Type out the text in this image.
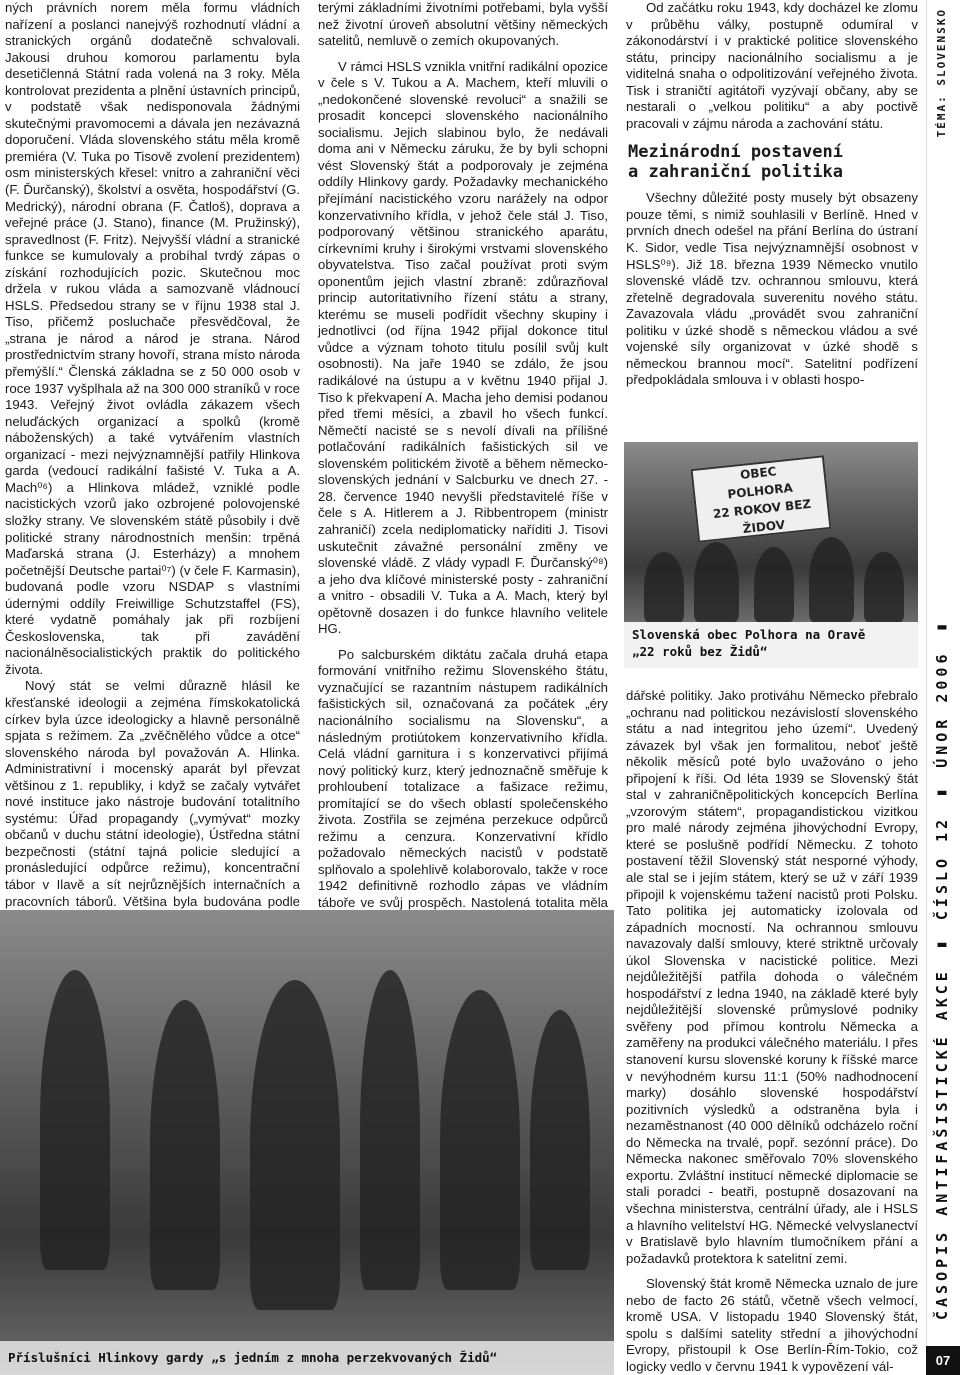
ných právních norem měla formu vládních nařízení a poslanci nanejvýš rozhodnutí vládní a stranických orgánů dodatečně schvalovali. Jakousi druhou komorou parlamentu byla desetičlenná Státní rada volená na 3 roky. Měla kontrolovat prezidenta a plnění ústavních principů, v podstatě však nedisponovala žádnými skutečnými pravomocemi a dávala jen nezávazná doporučení. Vláda slovenského státu měla kromě premiéra (V. Tuka po Tisově zvolení prezidentem) osm ministerských křesel: vnitro a zahraniční věci (F. Ďurčanský), školství a osvěta, hospodářství (G. Medrický), národní obrana (F. Čatloš), doprava a veřejné práce (J. Stano), finance (M. Pružinský), spravedlnost (F. Fritz). Nejvyšší vládní a stranické funkce se kumulovaly a probíhal tvrdý zápas o získání rozhodujících pozic. Skutečnou moc držela v rukou vláda a samozvaně vládnoucí HSLS. Předsedou strany se v říjnu 1938 stal J. Tiso, přičemž posluchače přesvědčoval, že „strana je národ a národ je strana. Národ prostřednictvím strany hovoří, strana místo národa přemýšlí.“ Členská základna se z 50 000 osob v roce 1937 vyšplhala až na 300 000 straníků v roce 1943. Veřejný život ovládla zákazem všech neluďáckých organizací a spolků (kromě náboženských) a také vytvářením vlastních organizací - mezi nejvýznamnější patřily Hlinkova garda (vedoucí radikální fašisté V. Tuka a A. Mach⁰⁶) a Hlinkova mládež, vzniklé podle nacistických vzorů jako ozbrojené polovojenské složky strany. Ve slovenském státě působily i dvě politické strany národnostních menšin: trpěná Maďarská strana (J. Esterházy) a mnohem početnější Deutsche partai⁰⁷) (v čele F. Karmasin), budovaná podle vzoru NSDAP s vlastními údernými oddíly Freiwillige Schutzstaffel (FS), které vydatně pomáhaly jak při rozbíjení Československa, tak při zavádění nacionálněsocialistických praktik do politického života.

Nový stát se velmi důrazně hlásil ke křesťanské ideologii a zejména římskokatolická církev byla úzce ideologicky a hlavně personálně spjata s režimem. Za „zvěčnělého vůdce a otce“ slovenského národa byl považován A. Hlinka. Administrativní i mocenský aparát byl převzat většinou z 1. republiky, i když se začaly vytvářet nové instituce jako nástroje budování totalitního systému: Úřad propagandy („vymývat“ mozky občanů v duchu státní ideologie), Ústředna státní bezpečnosti (státní tajná policie sledující a pronásledující odpůrce režimu), koncentrační tábor v Ilavě a sít nejrůznějších internačních a pracovních táborů. Většina byla budována podle

terými základními životními potřebami, byla vyšší než životní úroveň absolutní většiny německých satelitů, nemluvě o zemích okupovaných.

V rámci HSLS vznikla vnitřní radikální opozice v čele s V. Tukou a A. Machem, kteří mluvili o „nedokončené slovenské revoluci“ a snažili se prosadit koncepci slovenského nacionálního socialismu. Jejich slabinou bylo, že nedávali doma ani v Německu záruku, že by byli schopni vést Slovenský štát a podporovaly je zejména oddíly Hlinkovy gardy. Požadavky mechanického přejímání nacistického vzoru narážely na odpor konzervativního křídla, v jehož čele stál J. Tiso, podporovaný většinou stranického aparátu, církevními kruhy i širokými vrstvami slovenského obyvatelstva. Tiso začal používat proti svým oponentům jejich vlastní zbraně: zdůrazňoval princip autoritativního řízení státu a strany, kterému se museli podřídit všechny skupiny i jednotlivci (od října 1942 přijal dokonce titul vůdce a význam tohoto titulu posílil svůj kult osobnosti). Na jaře 1940 se zdálo, že jsou radikálové na ústupu a v květnu 1940 přijal J. Tiso k překvapení A. Macha jeho demisi podanou před třemi měsíci, a zbavil ho všech funkcí. Němečtí nacisté se s nevolí dívali na přílišné potlačování radikálních fašistických sil ve slovenském politickém životě a během německo-slovenských jednání v Salcburku ve dnech 27. - 28. července 1940 nevyšli představitelé říše v čele s A. Hitlerem a J. Ribbentropem (ministr zahraničí) zcela nediplomaticky naříditi J. Tisovi uskutečnit závažné personální změny ve slovenské vládě. Z vlády vypadl F. Ďurčanský⁰⁸) a jeho dva klíčové ministerské posty - zahraniční a vnitro - obsadili V. Tuka a A. Mach, který byl opětovně dosazen i do funkce hlavního velitele HG.

Po salcburském diktátu začala druhá etapa formování vnitřního režimu Slovenského štátu, vyznačující se razantním nástupem radikálních fašistických sil, označovaná za počátek „éry nacionálního socialismu na Slovensku“, a následným protiútokem konzervativního křídla. Celá vládní garnitura i s konzervativci přijímá nový politický kurz, který jednoznačně směřuje k prohloubení totalizace a fašizace režimu, promítající se do všech oblastí společenského života. Zostřila se zejména perzekuce odpůrců režimu a cenzura. Konzervativní křídlo požadovalo německých nacistů v podstatě splňovalo a spolehlivě kolaborovalo, takže v roce 1942 definitivně rozhodlo zápas ve vládním táboře ve svůj prospěch. Nastolená totalita měla

Od začátku roku 1943, kdy docházel ke zlomu v průběhu války, postupně odumíral v zákonodárství i v praktické politice slovenského státu, principy nacionálního socialismu a je viditelná snaha o odpolitizování veřejného života. Tisk i straničtí agitátoři vyzývají občany, aby se nestarali o „velkou politiku“ a aby poctivě pracovali v zájmu národa a zachování státu.

Mezinárodní postavení
a zahraniční politika

Všechny důležité posty musely být obsazeny pouze těmi, s nimiž souhlasili v Berlíně. Hned v prvních dnech odešel na přání Berlína do ústraní K. Sidor, vedle Tisa nejvýznamnější osobnost v HSLS⁰⁹). Již 18. března 1939 Německo vnutilo slovenské vládě tzv. ochrannou smlouvu, která zřetelně degradovala suverenitu nového státu. Zavazovala vládu „provádět svou zahraniční politiku v úzké shodě s německou vládou a své vojenské síly organizovat v úzké shodě s německou brannou mocí“. Satelitní podřízení předpokládala smlouva i v oblasti hospo-

OBEC
POLHORA
22 ROKOV BEZ ŽIDOV
Slovenská obec Polhora na Oravě
„22 roků bez Židů“

dářské politiky. Jako protiváhu Německo přebralo „ochranu nad politickou nezávislostí slovenského státu a nad integritou jeho území“. Uvedený závazek byl však jen formalitou, neboť ještě několik měsíců poté bylo uvažováno o jeho připojení k říši. Od léta 1939 se Slovenský štát stal v zahraničněpolitických koncepcích Berlína „vzorovým státem“, propagandistickou vizitkou pro malé národy zejména jihovýchodní Evropy, které se poslušně podřídí Německu. Z tohoto postavení těžil Slovenský stát nesporné výhody, ale stal se i jejím státem, který se už v září 1939 připojil k vojenskému tažení nacistů proti Polsku. Tato politika jej automaticky izolovala od západních mocností. Na ochrannou smlouvu navazovaly další smlouvy, které striktně určovaly úkol Slovenska v nacistické politice. Mezi nejdůležitější patřila dohoda o válečném hospodářství z ledna 1940, na základě které byly nejdůležitější slovenské průmyslové podniky svěřeny pod přímou kontrolu Německa a zaměřeny na produkci válečného materiálu. I přes stanovení kursu slovenské koruny k říšské marce v nevýhodném kursu 11:1 (50% nadhodnocení marky) dosáhlo slovenské hospodářství pozitivních výsledků a odstraněna byla i nezaměstnanost (40 000 dělníků odcházelo roční do Německa na trvalé, popř. sezónní práce). Do Německa nakonec směřovalo 70% slovenského exportu. Zvláštní institucí německé diplomacie se stali poradci - beatři, postupně dosazovaní na všechna ministerstva, centrální úřady, ale i HSLS a hlavního velitelství HG. Německé velvyslanectví v Bratislavě bylo hlavním tlumočníkem přání a požadavků protektora k satelitní zemi.

Slovenský štát kromě Německa uznalo de jure nebo de facto 26 států, včetně všech velmocí, kromě USA. V listopadu 1940 Slovenský štát, spolu s dalšími satelity střední a jihovýchodní Evropy, přistoupil k Ose Berlín-Řím-Tokio, což logicky vedlo v červnu 1941 k vypovězení vál-

Příslušníci Hlinkovy gardy „s jedním z mnoha perzekvovaných Židů“
ČASOPIS ANTIFAŠISTICKÉ AKCE ▬ ČÍSLO 12 ▬ ÚNOR 2006 ▬
TÉMA: SLOVENSKO
07
